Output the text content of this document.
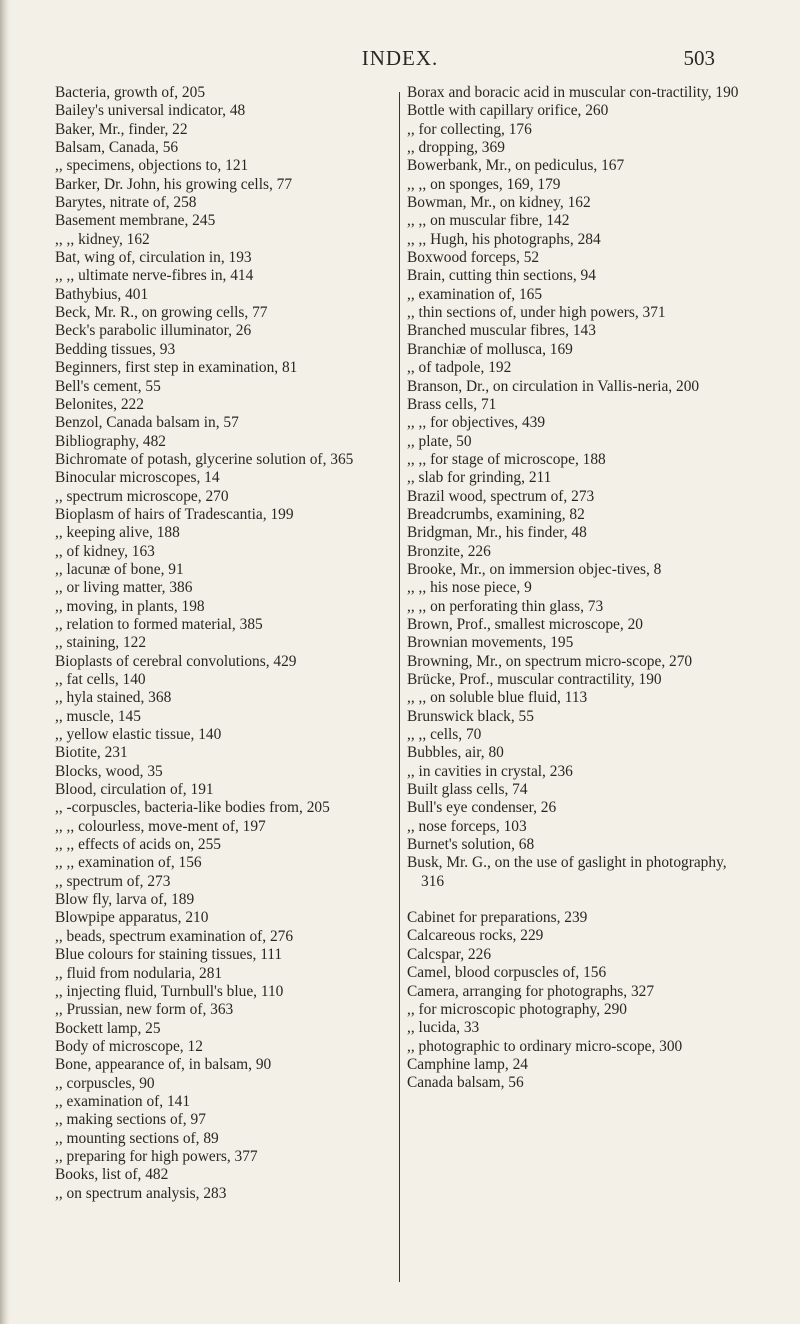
INDEX.	503

Bacteria, growth of, 205

Bailey's universal indicator, 48

Baker, Mr., finder, 22

Balsam, Canada, 56

,, specimens, objections to, 121

Barker, Dr. John, his growing cells, 77

Barytes, nitrate of, 258

Basement membrane, 245

,, ,, kidney, 162

Bat, wing of, circulation in, 193

,, ,, ultimate nerve-fibres in, 414

Bathybius, 401

Beck, Mr. R., on growing cells, 77

Beck's parabolic illuminator, 26

Bedding tissues, 93

Beginners, first step in examination, 81

Bell's cement, 55

Belonites, 222

Benzol, Canada balsam in, 57

Bibliography, 482

Bichromate of potash, glycerine solution of, 365

Binocular microscopes, 14

,, spectrum microscope, 270

Bioplasm of hairs of Tradescantia, 199

,, keeping alive, 188

,, of kidney, 163

,, lacunæ of bone, 91

,, or living matter, 386

,, moving, in plants, 198

,, relation to formed material, 385

,, staining, 122

Bioplasts of cerebral convolutions, 429

,, fat cells, 140

,, hyla stained, 368

,, muscle, 145

,, yellow elastic tissue, 140

Biotite, 231

Blocks, wood, 35

Blood, circulation of, 191

,, -corpuscles, bacteria-like bodies from, 205

,, ,, colourless, move-ment of, 197

,, ,, effects of acids on, 255

,, ,, examination of, 156

,, spectrum of, 273

Blow fly, larva of, 189

Blowpipe apparatus, 210

,, beads, spectrum examination of, 276

Blue colours for staining tissues, 111

,, fluid from nodularia, 281

,, injecting fluid, Turnbull's blue, 110

,, Prussian, new form of, 363

Bockett lamp, 25

Body of microscope, 12

Bone, appearance of, in balsam, 90

,, corpuscles, 90

,, examination of, 141

,, making sections of, 97

,, mounting sections of, 89

,, preparing for high powers, 377

Books, list of, 482

,, on spectrum analysis, 283

Borax and boracic acid in muscular con-tractility, 190

Bottle with capillary orifice, 260

,, for collecting, 176

,, dropping, 369

Bowerbank, Mr., on pediculus, 167

,, ,, on sponges, 169, 179

Bowman, Mr., on kidney, 162

,, ,, on muscular fibre, 142

,, ,, Hugh, his photographs, 284

Boxwood forceps, 52

Brain, cutting thin sections, 94

,, examination of, 165

,, thin sections of, under high powers, 371

Branched muscular fibres, 143

Branchiæ of mollusca, 169

,, of tadpole, 192

Branson, Dr., on circulation in Vallis-neria, 200

Brass cells, 71

,, ,, for objectives, 439

,, plate, 50

,, ,, for stage of microscope, 188

,, slab for grinding, 211

Brazil wood, spectrum of, 273

Breadcrumbs, examining, 82

Bridgman, Mr., his finder, 48

Bronzite, 226

Brooke, Mr., on immersion objec-tives, 8

,, ,, his nose piece, 9

,, ,, on perforating thin glass, 73

Brown, Prof., smallest microscope, 20

Brownian movements, 195

Browning, Mr., on spectrum micro-scope, 270

Brücke, Prof., muscular contractility, 190

,, ,, on soluble blue fluid, 113

Brunswick black, 55

,, ,, cells, 70

Bubbles, air, 80

,, in cavities in crystal, 236

Built glass cells, 74

Bull's eye condenser, 26

,, nose forceps, 103

Burnet's solution, 68

Busk, Mr. G., on the use of gaslight in photography, 316

Cabinet for preparations, 239

Calcareous rocks, 229

Calcspar, 226

Camel, blood corpuscles of, 156

Camera, arranging for photographs, 327

,, for microscopic photography, 290

,, lucida, 33

,, photographic to ordinary micro-scope, 300

Camphine lamp, 24

Canada balsam, 56
